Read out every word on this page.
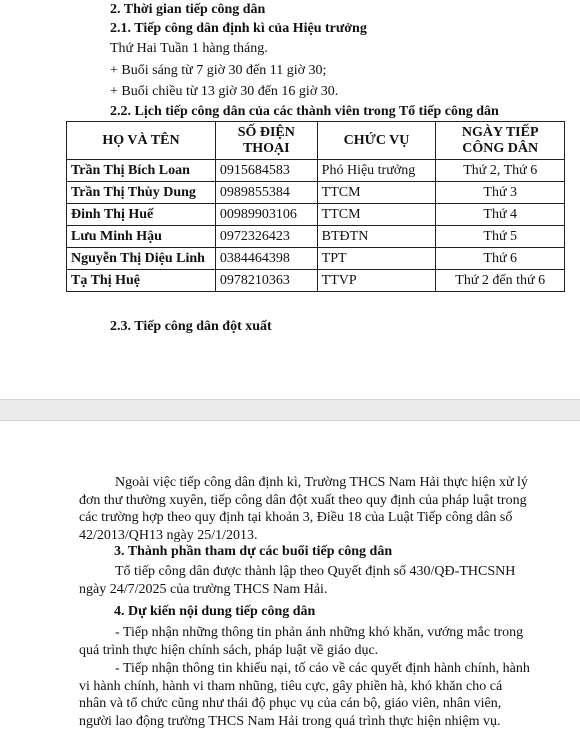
2. Thời gian tiếp công dân
2.1. Tiếp công dân định kì của Hiệu trưởng
Thứ Hai Tuần 1 hàng tháng.
+ Buổi sáng từ 7 giờ 30 đến 11 giờ 30;
+ Buổi chiều từ 13 giờ 30 đến 16 giờ 30.
2.2. Lịch tiếp công dân của các thành viên trong Tổ tiếp công dân
HỌ VÀ TÊN	SỐ ĐIỆN THOẠI	CHỨC VỤ	NGÀY TIẾP CÔNG DÂN
Trần Thị Bích Loan	0915684583	Phó Hiệu trưởng	Thứ 2, Thứ 6
Trần Thị Thùy Dung	0989855384	TTCM	Thứ 3
Đinh Thị Huế	00989903106	TTCM	Thứ 4
Lưu Minh Hậu	0972326423	BTĐTN	Thứ 5
Nguyễn Thị Diệu Linh	0384464398	TPT	Thứ 6
Tạ Thị Huệ	0978210363	TTVP	Thứ 2 đến thứ 6
2.3. Tiếp công dân đột xuất
Ngoài việc tiếp công dân định kì, Trường THCS Nam Hải thực hiện xử lý
đơn thư thường xuyên, tiếp công dân đột xuất theo quy định của pháp luật trong
các trường hợp theo quy định tại khoản 3, Điều 18 của Luật Tiếp công dân số
42/2013/QH13 ngày 25/1/2013.
3. Thành phần tham dự các buổi tiếp công dân
Tổ tiếp công dân được thành lập theo Quyết định số 430/QĐ-THCSNH
ngày 24/7/2025 của trường THCS Nam Hải.
4. Dự kiến nội dung tiếp công dân
- Tiếp nhận những thông tin phản ánh những khó khăn, vướng mắc trong
quá trình thực hiện chính sách, pháp luật về giáo dục.
- Tiếp nhận thông tin khiếu nại, tố cáo về các quyết định hành chính, hành
vi hành chính, hành vi tham nhũng, tiêu cực, gây phiền hà, khó khăn cho cá
nhân và tổ chức cũng như thái độ phục vụ của cán bộ, giáo viên, nhân viên,
người lao động trường THCS Nam Hải trong quá trình thực hiện nhiệm vụ.
